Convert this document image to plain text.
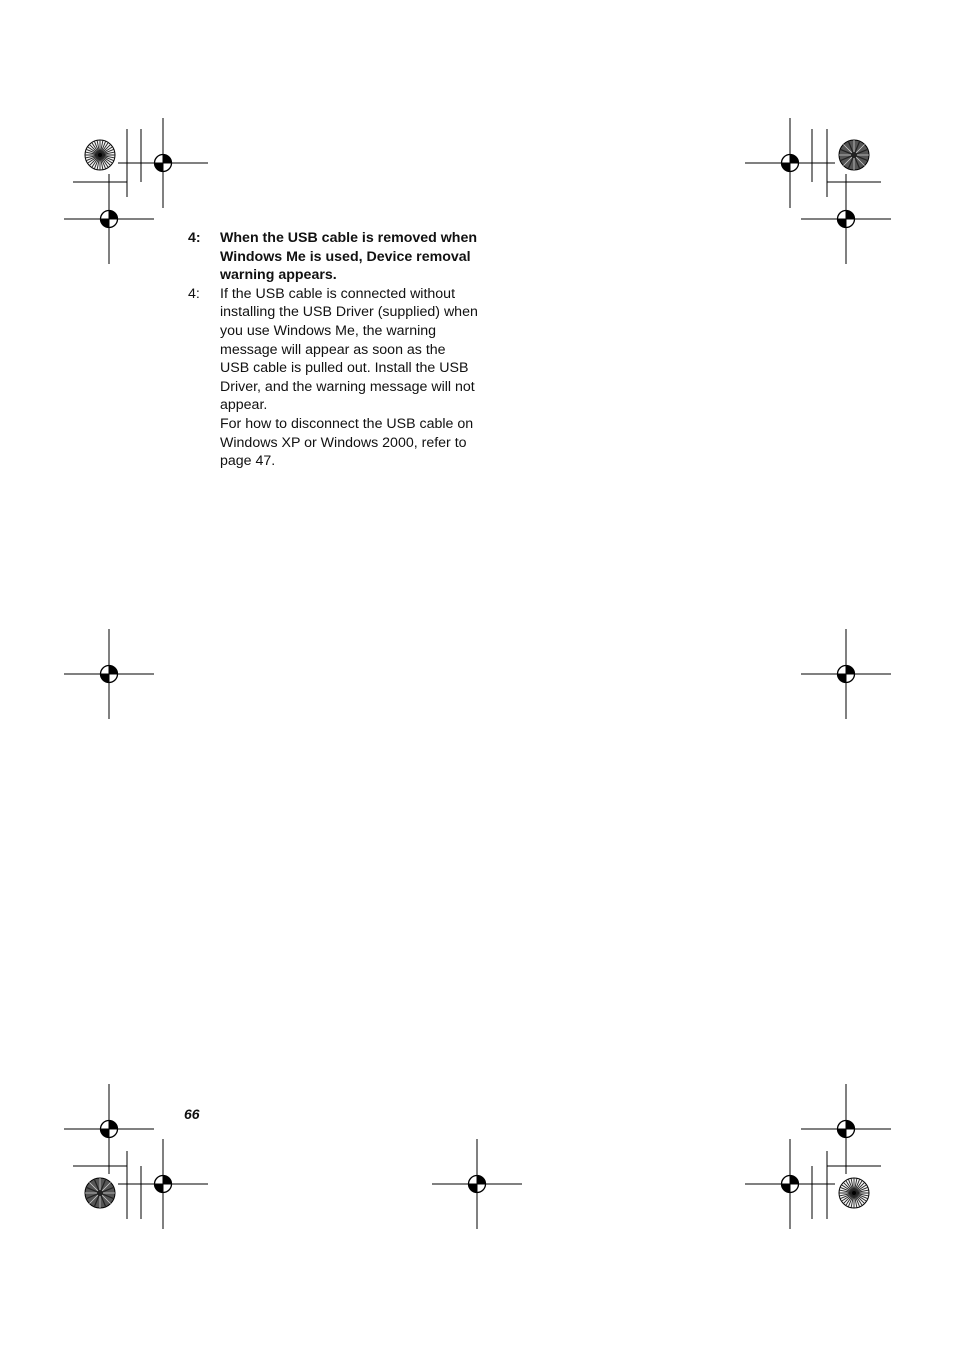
4:	When the USB cable is removed when Windows Me is used, Device removal warning appears.
4:	If the USB cable is connected without installing the USB Driver (supplied) when you use Windows Me, the warning message will appear as soon as the USB cable is pulled out. Install the USB Driver, and the warning message will not appear.

For how to disconnect the USB cable on Windows XP or Windows 2000, refer to page 47.

66
